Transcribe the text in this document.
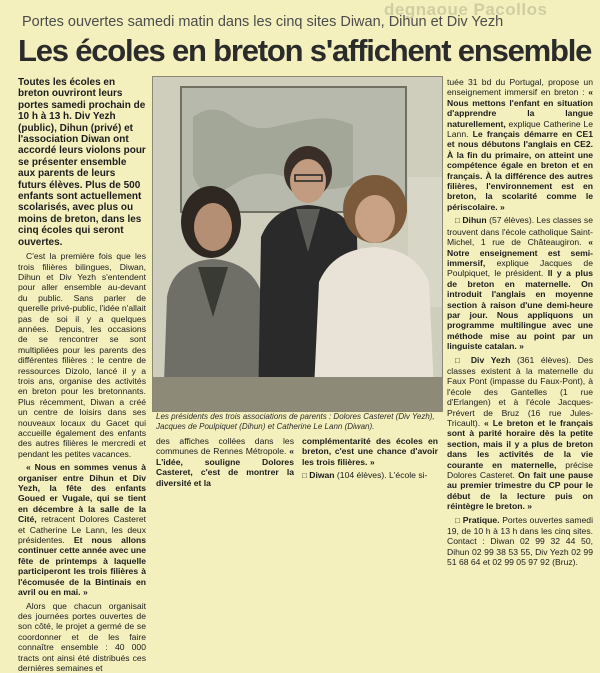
degnaoue Pacollos
Portes ouvertes samedi matin dans les cinq sites Diwan, Dihun et Div Yezh
Les écoles en breton s'affichent ensemble

Toutes les écoles en breton ouvriront leurs portes samedi prochain de 10 h à 13 h. Div Yezh (public), Dihun (privé) et l'association Diwan ont accordé leurs violons pour se présenter ensemble aux parents de leurs futurs élèves. Plus de 500 enfants sont actuellement scolarisés, avec plus ou moins de breton, dans les cinq écoles qui seront ouvertes.

C'est la première fois que les trois filières bilingues, Diwan, Dihun et Div Yezh s'entendent pour aller ensemble au-devant du public. Sans parler de querelle privé-public, l'idée n'allait pas de soi il y a quelques années. Depuis, les occasions de se rencontrer se sont multipliées pour les parents des différentes filières : le centre de ressources Dizolo, lancé il y a trois ans, organise des activités en breton pour les bretonnants. Plus récemment, Diwan a créé un centre de loisirs dans ses nouveaux locaux du Gacet qui accueille également des enfants des autres filières le mercredi et pendant les petites vacances.

« Nous en sommes venus à organiser entre Dihun et Div Yezh, la fête des enfants Goued er Vugale, qui se tient en décembre à la salle de la Cité, retracent Dolores Casteret et Catherine Le Lann, les deux présidentes. Et nous allons continuer cette année avec une fête de printemps à laquelle participeront les trois filières à l'écomusée de la Bintinais en avril ou en mai. »

Alors que chacun organisait des journées portes ouvertes de son côté, le projet a germé de se coordonner et de les faire connaître ensemble : 40 000 tracts ont ainsi été distribués ces dernières semaines et

Les présidents des trois associations de parents : Dolores Casteret (Div Yezh), Jacques de Poulpiquet (Dihun) et Catherine Le Lann (Diwan).

des affiches collées dans les communes de Rennes Métropole. « L'idée, souligne Dolores Casteret, c'est de montrer la diversité et la

complémentarité des écoles en breton, c'est une chance d'avoir les trois filières. »

□ Diwan (104 élèves). L'école si-

tuée 31 bd du Portugal, propose un enseignement immersif en breton : « Nous mettons l'enfant en situation d'apprendre la langue naturellement, explique Catherine Le Lann. Le français démarre en CE1 et nous débutons l'anglais en CE2. À la fin du primaire, on atteint une compétence égale en breton et en français. À la différence des autres filières, l'environnement est en breton, la scolarité comme le périscolaire. »

□ Dihun (57 élèves). Les classes se trouvent dans l'école catholique Saint-Michel, 1 rue de Châteaugiron. « Notre enseignement est semi-immersif, explique Jacques de Poulpiquet, le président. Il y a plus de breton en maternelle. On introduit l'anglais en moyenne section à raison d'une demi-heure par jour. Nous appliquons un programme multilingue avec une méthode mise au point par un linguiste catalan. »

□ Div Yezh (361 élèves). Des classes existent à la maternelle du Faux Pont (impasse du Faux-Pont), à l'école des Gantelles (1 rue d'Erlangen) et à l'école Jacques-Prévert de Bruz (16 rue Jules-Tricault). « Le breton et le français sont à parité horaire dès la petite section, mais il y a plus de breton dans les activités de la vie courante en maternelle, précise Dolores Casteret. On fait une pause au premier trimestre du CP pour le début de la lecture puis on réintègre le breton. »

□ Pratique. Portes ouvertes samedi 19, de 10 h à 13 h dans les cinq sites. Contact : Diwan 02 99 32 44 50, Dihun 02 99 38 53 55, Div Yezh 02 99 51 68 64 et 02 99 05 97 92 (Bruz).
